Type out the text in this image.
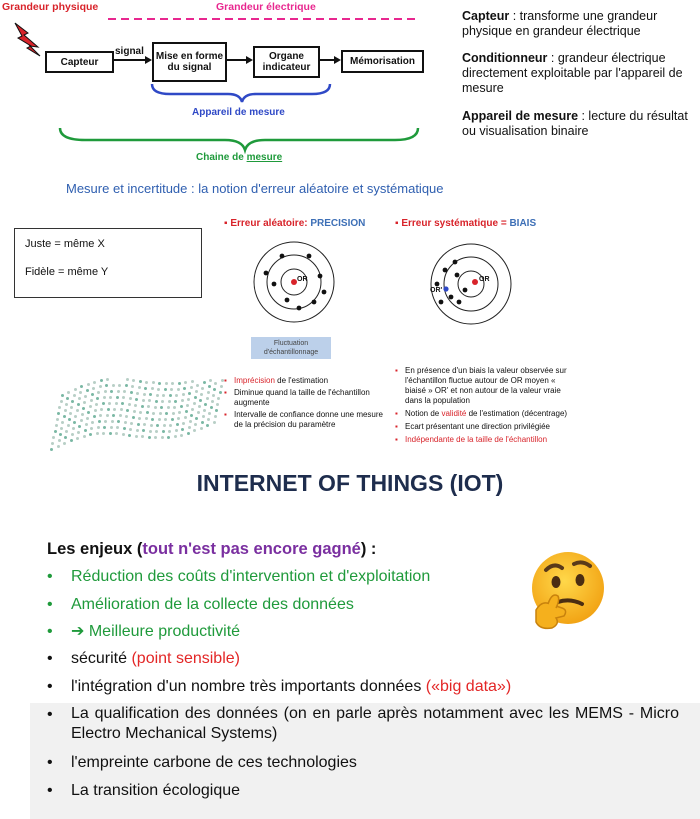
Grandeur physique	Grandeur électrique
Capteur
signal	Mise en forme du signal
Organe indicateur
Mémorisation
Appareil de mesure
Chaine de mesure
Capteur : transforme une grandeur physique en grandeur électrique
Conditionneur : grandeur électrique directement exploitable par l'appareil de mesure
Appareil de mesure : lecture du résultat ou visualisation binaire
Mesure et incertitude : la notion d'erreur aléatoire et systématique
Juste = même X
Fidèle = même Y
▪ Erreur aléatoire: PRECISION	▪ Erreur systématique = BIAIS
OR	OR
OR'
Fluctuation d'échantillonnage
▪ Imprécision de l'estimation
▪ Diminue quand la taille de l'échantillon augmente
▪ Intervalle de confiance donne une mesure de la précision du paramètre
▪ En présence d'un biais la valeur observée sur l'échantillon fluctue autour de OR moyen « biaisé » OR' et non autour de la valeur vraie dans la population
▪ Notion de validité de l'estimation (décentrage)
▪ Ecart présentant une direction privilégiée
▪ Indépendante de la taille de l'échantillon
INTERNET OF THINGS (IOT)
Les enjeux (tout n'est pas encore gagné) :
•	Réduction des coûts d'intervention et d'exploitation
•	Amélioration de la collecte des données
•	➔ Meilleure productivité
•	sécurité (point sensible)
•	l'intégration d'un nombre très importants données («big data»)
•	La qualification des données (on en parle après notamment avec les MEMS - Micro Electro Mechanical Systems)
•	l'empreinte carbone de ces technologies
•	La transition écologique
